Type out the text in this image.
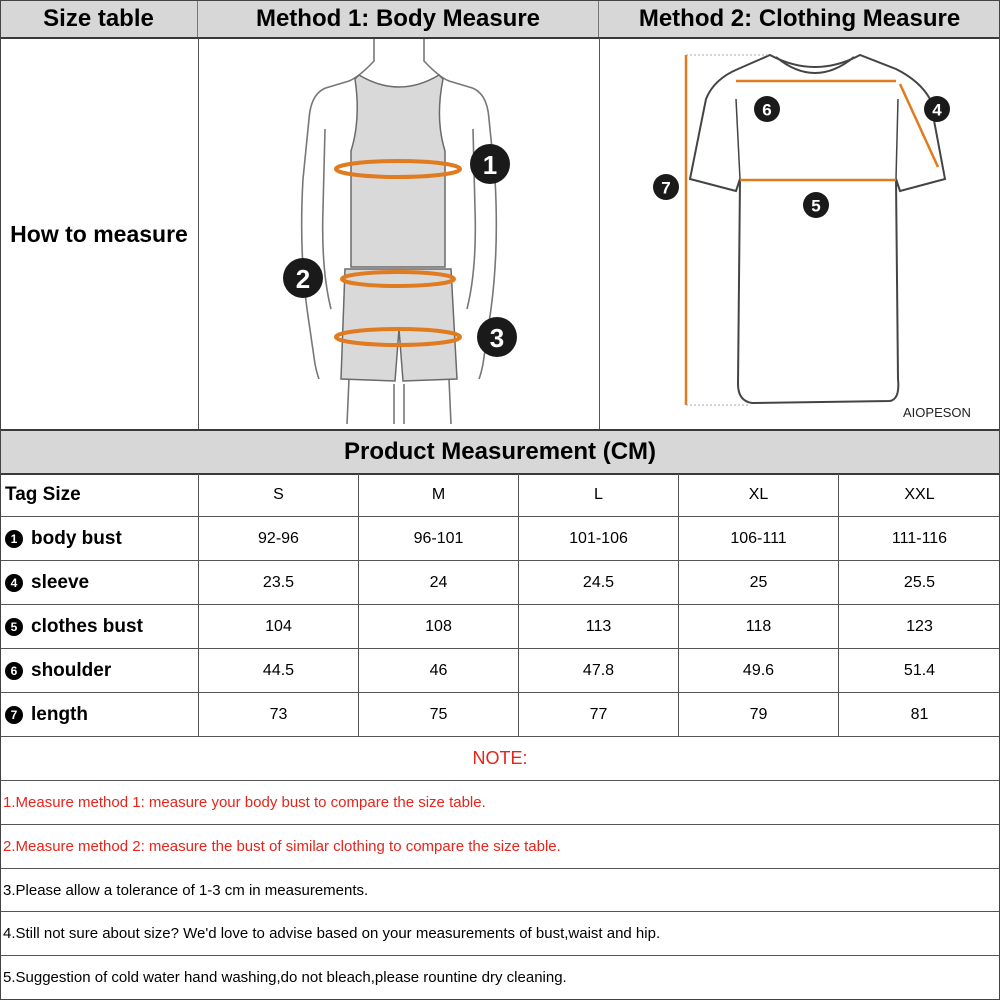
Size table	Method 1: Body Measure	Method 2: Clothing Measure
How to measure
1
2
3
6	4
7
5
AIOPESON
Product Measurement (CM)
Tag Size	S	M	L	XL	XXL
1 body bust	92-96	96-101	101-106	106-111	111-116
4 sleeve	23.5	24	24.5	25	25.5
5 clothes bust	104	108	113	118	123
6 shoulder	44.5	46	47.8	49.6	51.4
7 length	73	75	77	79	81
NOTE:
1.Measure method 1: measure your body bust to compare the size table.
2.Measure method 2: measure the bust of similar clothing to compare the size table.
3.Please allow a tolerance of 1-3 cm in measurements.
4.Still not sure about size? We'd love to advise based on your measurements of bust,waist and hip.
5.Suggestion of cold water hand washing,do not bleach,please rountine dry cleaning.
